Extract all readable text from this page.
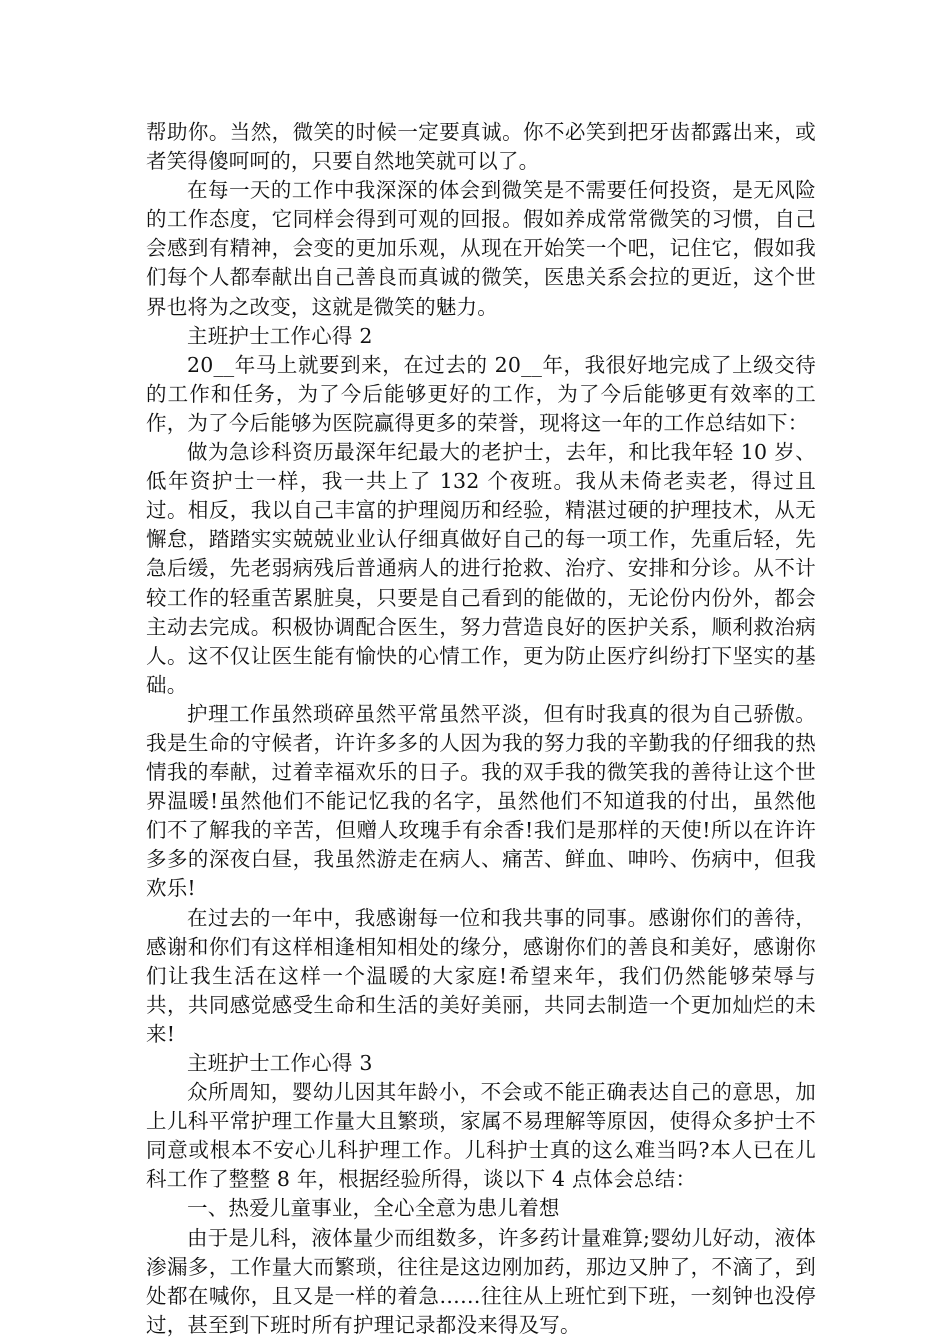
帮助你。当然，微笑的时候一定要真诚。你不必笑到把牙齿都露出来，或者笑得傻呵呵的，只要自然地笑就可以了。

在每一天的工作中我深深的体会到微笑是不需要任何投资，是无风险的工作态度，它同样会得到可观的回报。假如养成常常微笑的习惯，自己会感到有精神，会变的更加乐观，从现在开始笑一个吧，记住它，假如我们每个人都奉献出自己善良而真诚的微笑，医患关系会拉的更近，这个世界也将为之改变，这就是微笑的魅力。

主班护士工作心得 2

20__年马上就要到来，在过去的 20__年，我很好地完成了上级交待的工作和任务，为了今后能够更好的工作，为了今后能够更有效率的工作，为了今后能够为医院赢得更多的荣誉，现将这一年的工作总结如下：

做为急诊科资历最深年纪最大的老护士，去年，和比我年轻 10 岁、低年资护士一样，我一共上了 132 个夜班。我从未倚老卖老，得过且过。相反，我以自己丰富的护理阅历和经验，精湛过硬的护理技术，从无懈怠，踏踏实实兢兢业业认仔细真做好自己的每一项工作，先重后轻，先急后缓，先老弱病残后普通病人的进行抢救、治疗、安排和分诊。从不计较工作的轻重苦累脏臭，只要是自己看到的能做的，无论份内份外，都会主动去完成。积极协调配合医生，努力营造良好的医护关系，顺利救治病人。这不仅让医生能有愉快的心情工作，更为防止医疗纠纷打下坚实的基础。

护理工作虽然琐碎虽然平常虽然平淡，但有时我真的很为自己骄傲。我是生命的守候者，许许多多的人因为我的努力我的辛勤我的仔细我的热情我的奉献，过着幸福欢乐的日子。我的双手我的微笑我的善待让这个世界温暖!虽然他们不能记忆我的名字，虽然他们不知道我的付出，虽然他们不了解我的辛苦，但赠人玫瑰手有余香!我们是那样的天使!所以在许许多多的深夜白昼，我虽然游走在病人、痛苦、鲜血、呻吟、伤病中，但我欢乐!

在过去的一年中，我感谢每一位和我共事的同事。感谢你们的善待，感谢和你们有这样相逢相知相处的缘分，感谢你们的善良和美好，感谢你们让我生活在这样一个温暖的大家庭!希望来年，我们仍然能够荣辱与共，共同感觉感受生命和生活的美好美丽，共同去制造一个更加灿烂的未来!

主班护士工作心得 3

众所周知，婴幼儿因其年龄小，不会或不能正确表达自己的意思，加上儿科平常护理工作量大且繁琐，家属不易理解等原因，使得众多护士不同意或根本不安心儿科护理工作。儿科护士真的这么难当吗?本人已在儿科工作了整整 8 年，根据经验所得，谈以下 4 点体会总结：

一、热爱儿童事业，全心全意为患儿着想

由于是儿科，液体量少而组数多，许多药计量难算;婴幼儿好动，液体渗漏多，工作量大而繁琐，往往是这边刚加药，那边又肿了，不滴了，到处都在喊你，且又是一样的着急……往往从上班忙到下班，一刻钟也没停过，甚至到下班时所有护理记录都没来得及写。
